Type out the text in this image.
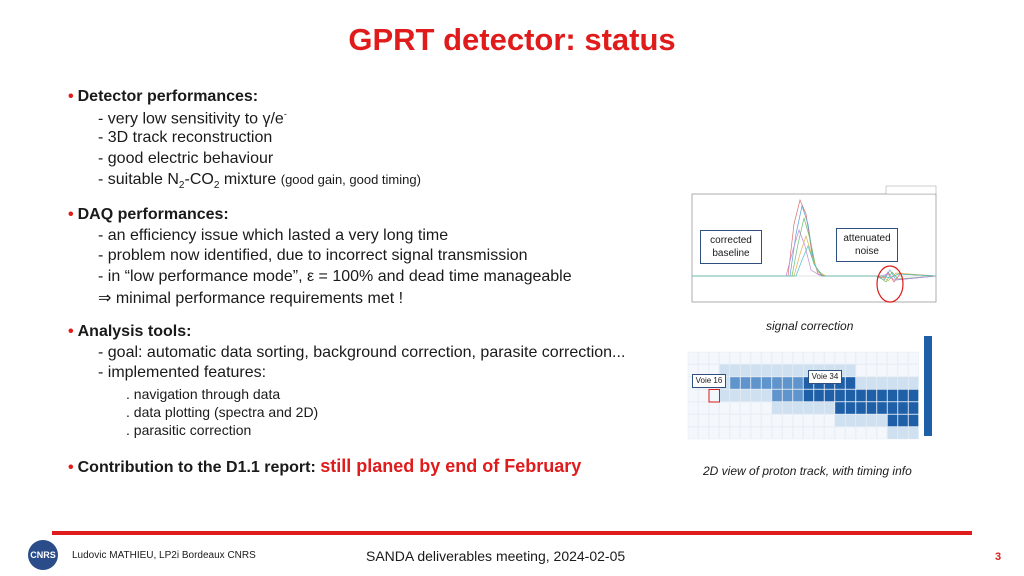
GPRT detector: status
• Detector performances:
- very low sensitivity to γ/e-
- 3D track reconstruction
- good electric behaviour
- suitable $N_2-CO_2$ mixture (good gain, good timing)
• DAQ performances:
- an efficiency issue which lasted a very long time
- problem now identified, due to incorrect signal transmission
- in “low performance mode”, ε = 100% and dead time manageable
⇒ minimal performance requirements met !
• Analysis tools:
- goal: automatic data sorting, background correction, parasite correction...
- implemented features:
. navigation through data
. data plotting (spectra and 2D)
. parasitic correction
• Contribution to the D1.1 report: still planed by end of February
corrected
baseline
attenuated
noise
signal correction
Voie 16	Voie 34
2D view of proton track, with timing info
CNRS Ludovic MATHIEU, LP2i Bordeaux CNRS	SANDA deliverables meeting, 2024-02-05	3
